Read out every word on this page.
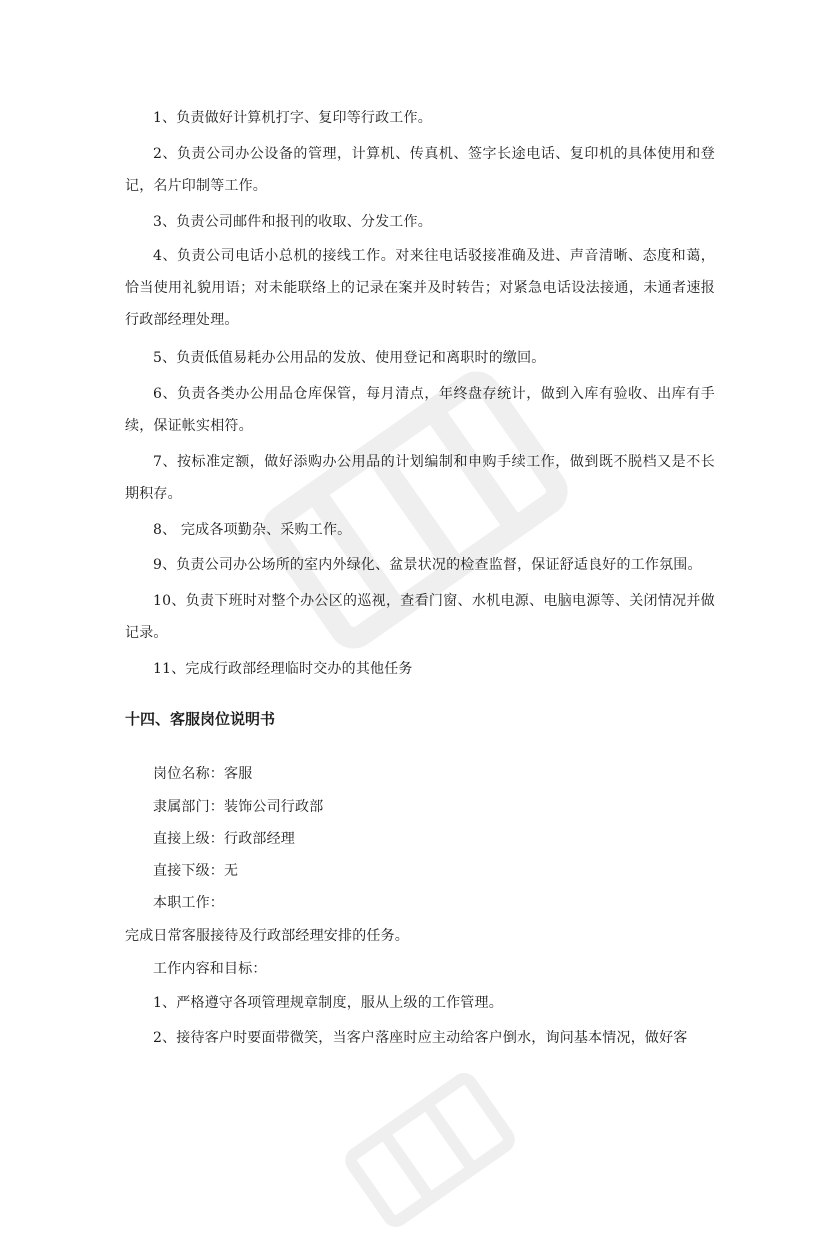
1、负责做好计算机打字、复印等行政工作。

2、负责公司办公设备的管理，计算机、传真机、签字长途电话、复印机的具体使用和登 记，名片印制等工作。

3、负责公司邮件和报刊的收取、分发工作。

4、负责公司电话小总机的接线工作。对来往电话驳接准确及进、声音清晰、态度和蔼，恰当使用礼貌用语；对未能联络上的记录在案并及时转告；对紧急电话设法接通，未通者速报行政部经理处理。

5、负责低值易耗办公用品的发放、使用登记和离职时的缴回。

6、负责各类办公用品仓库保管，每月清点，年终盘存统计，做到入库有验收、出库有手续，保证帐实相符。

7、按标准定额，做好添购办公用品的计划编制和申购手续工作，做到既不脱档又是不长期积存。

8、 完成各项勤杂、采购工作。

9、负责公司办公场所的室内外绿化、盆景状况的检查监督，保证舒适良好的工作氛围。

10、负责下班时对整个办公区的巡视，查看门窗、水机电源、电脑电源等、关闭情况并做记录。

11、完成行政部经理临时交办的其他任务

十四、客服岗位说明书

岗位名称：客服

隶属部门：装饰公司行政部

直接上级：行政部经理

直接下级：无

本职工作：

完成日常客服接待及行政部经理安排的任务。

工作内容和目标：

1、严格遵守各项管理规章制度，服从上级的工作管理。

2、接待客户时要面带微笑，当客户落座时应主动给客户倒水，询问基本情况，做好客
